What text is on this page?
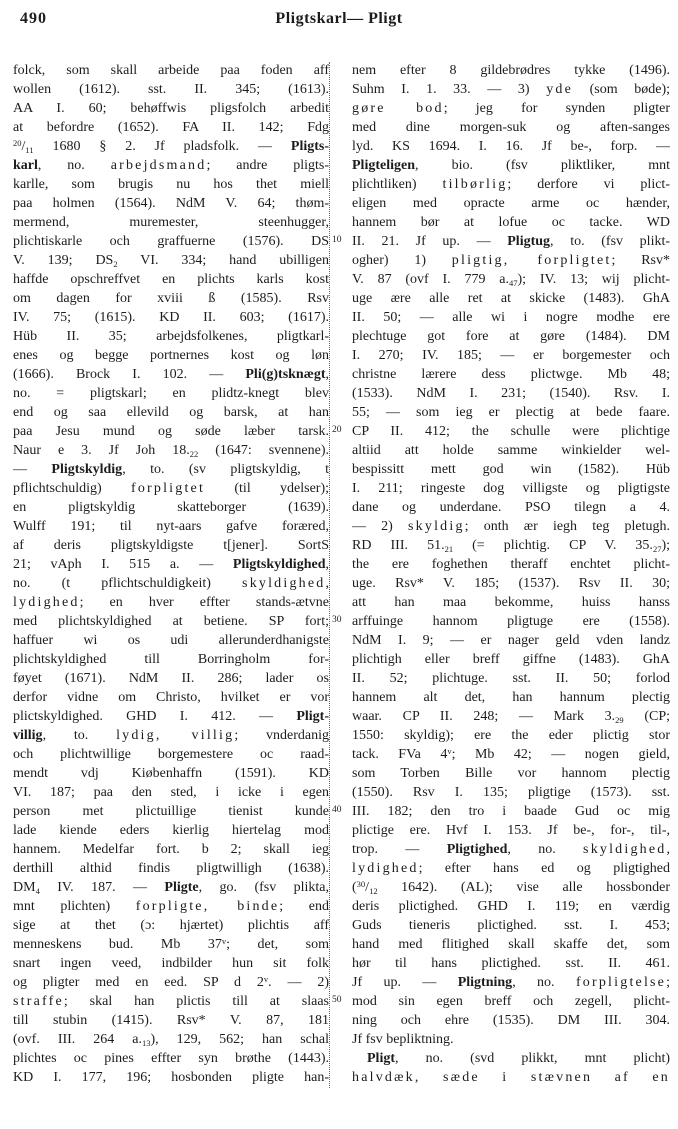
490	Pligtskarl— Pligt
10
20
30
40
50
folck, som skall arbeide paa foden aff
wollen (1612). sst. II. 345; (1613).
AA I. 60; behøffwis pligsfolch arbedit
at befordre (1652). FA II. 142; Fdg
$^{20}/_{11}$ 1680 § 2. Jf pladsfolk. — Pligts-
karl, no. arbejdsmand; andre pligts-
karlle, som brugis nu hos thet miell
paa holmen (1564). NdM V. 64; thøm-
mermend, muremester, steenhugger,
plichtiskarle och graffuerne (1576). DS
V. 139; $DS_2$ VI. 334; hand ubilligen
haffde opschreffvet en plichts karls kost
om dagen for xviii ß (1585). Rsv
IV. 75; (1615). KD II. 603; (1617).
Hüb II. 35; arbejdsfolkenes, pligtkarl-
enes og begge portnernes kost og løn
(1666). Brock I. 102. — Pli(g)tsknægt,
no. = pligtskarl; en plidtz-knegt blev
end og saa ellevild og barsk, at han
paa Jesu mund og søde læber tarsk.
Naur e 3. Jf Joh $18._{22}$ (1647: svennene).
— Pligtskyldig, to. (sv pligtskyldig, t
pflichtschuldig) forpligtet (til ydelser);
en pligtskyldig skatteborger (1639).
Wulff 191; til nyt-aars gafve foræred,
af deris pligtskyldigste t[jener]. SortS
21; vAph I. 515 a. — Pligtskyldighed,
no. (t pflichtschuldigkeit) skyldighed,
lydighed; en hver effter stands-ætvne
med plichtskyldighed at betiene. SP fort;
haffuer wi os udi allerunderdhanigste
plichtskyldighed till Borringholm for-
føyet (1671). NdM II. 286; lader os
derfor vidne om Christo, hvilket er vor
plictskyldighed. GHD I. 412. — Pligt-
villig, to. lydig, villig; vnderdanig
och plichtwillige borgemestere oc raad-
mendt vdj Kiøbenhaffn (1591). KD
VI. 187; paa den sted, i icke i egen
person met plictuillige tienist kunde
lade kiende eders kierlig hiertelag mod
hannem. Medelfar fort. b 2; skall ieg
derthill althid findis pligtwilligh (1638).
$DM_4$ IV. 187. — Pligte, go. (fsv plikta,
mnt plichten) forpligte, binde; end
sige at thet (ɔ: hjærtet) plichtis aff
menneskens bud. Mb 37$^v$; det, som
snart ingen veed, indbilder hun sit folk
og pligter med en eed. SP d 2$^v$. — 2)
straffe; skal han plictis till at slaas
till stubin (1415). Rsv* V. 87, 181
(ovf. III. 264 $a._{13}$), 129, 562; han schal
plichtes oc pines effter syn brøthe (1443).
KD I. 177, 196; hosbonden pligte han-
nem efter 8 gildebrødres tykke (1496).
Suhm I. 1. 33. — 3) yde (som bøde);
gøre bod; jeg for synden pligter
med dine morgen-suk og aften-sanges
lyd. KS 1694. I. 16. Jf be-, forp. —
Pligteligen, bio. (fsv pliktliker, mnt
plichtliken) tilbørlig; derfore vi plict-
eligen med opracte arme oc hænder,
hannem bør at lofue oc tacke. WD
II. 21. Jf up. — Pligtug, to. (fsv plikt-
ogher) 1) pligtig, forpligtet; Rsv*
V. 87 (ovf I. 779 $a._{47}$); IV. 13; wij plicht-
uge ære alle ret at skicke (1483). GhA
II. 50; — alle wi i nogre modhe ere
plechtuge got fore at gøre (1484). DM
I. 270; IV. 185; — er borgemester och
christne lærere dess plictwge. Mb 48;
(1533). NdM I. 231; (1540). Rsv. I.
55; — som ieg er plectig at bede faare.
CP II. 412; the schulle were plichtige
altiid att holde samme winkielder wel-
bespissitt mett god win (1582). Hüb
I. 211; ringeste dog villigste og pligtigste
dane og underdane. PSO tilegn a 4.
— 2) skyldig; onth ær iegh teg pletugh.
RD III. $51._{21}$ (= plichtig. CP V. $35._{27}$);
the ere foghethen theraff enchtet plicht-
uge. Rsv* V. 185; (1537). Rsv II. 30;
att han maa bekomme, huiss hanss
arffuinge hannom pligtuge ere (1558).
NdM I. 9; — er nager geld vden landz
plichtigh eller breff giffne (1483). GhA
II. 52; plichtuge. sst. II. 50; forlod
hannem alt det, han hannum plectig
waar. CP II. 248; — Mark $3._{29}$ (CP;
1550: skyldig); ere the eder plictig stor
tack. FVa 4$^v$; Mb 42; — nogen gield,
som Torben Bille vor hannom plectig
(1550). Rsv I. 135; pligtige (1573). sst.
III. 182; den tro i baade Gud oc mig
plictige ere. Hvf I. 153. Jf be-, for-, til-,
trop. — Pligtighed, no. skyldighed,
lydighed; efter hans ed og pligtighed
($^{30}/_{12}$ 1642). (AL); vise alle hossbonder
deris plictighed. GHD I. 119; en værdig
Guds tieneris plictighed. sst. I. 453;
hand med flitighed skall skaffe det, som
hør til hans plictighed. sst. II. 461.
Jf up. — Pligtning, no. forpligtelse;
mod sin egen breff och zegell, plicht-
ning och ehre (1535). DM III. 304.
Jf fsv bepliktning.
Pligt, no. (svd plikkt, mnt plicht)
halvdæk, sæde i stævnen af en
